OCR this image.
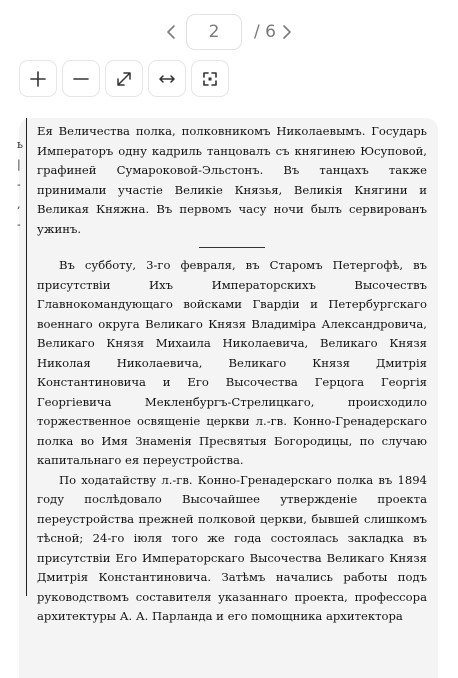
2
/ 6
ь
|
-
,
-

Ея Величества полка, полковникомъ Николаевымъ. Государь Императоръ одну кадриль танцовалъ съ княгинею Юсуповой, графиней Сумароковой-Эльстонъ. Въ танцахъ также принимали участіе Великіе Князья, Великія Княгини и Великая Княжна. Въ первомъ часу ночи былъ сервированъ ужинъ.

Въ субботу, 3-го февраля, въ Старомъ Петергофѣ, въ присутствіи Ихъ Императорскихъ Высочествъ Главнокомандующаго войсками Гвардіи и Петербургскаго военнаго округа Великаго Князя Владиміра Александровича, Великаго Князя Михаила Николаевича, Великаго Князя Николая Николаевича, Великаго Князя Дмитрія Константиновича и Его Высочества Герцога Георгія Георгіевича Мекленбургъ-Стрелицкаго, происходило торжественное освященіе церкви л.-гв. Конно-Гренадерскаго полка во Имя Знаменія Пресвятыя Богородицы, по случаю капитальнаго ея переустройства.

По ходатайству л.-гв. Конно-Гренадерскаго полка въ 1894 году послѣдовало Высочайшее утвержденіе проекта переустройства прежней полковой церкви, бывшей слишкомъ тѣсной; 24-го іюля того же года состоялась закладка въ присутствіи Его Императорскаго Высочества Великаго Князя Дмитрія Константиновича. Затѣмъ начались работы подъ руководствомъ составителя указаннаго проекта, профессора архитектуры А. А. Парланда и его помощника архитектора
